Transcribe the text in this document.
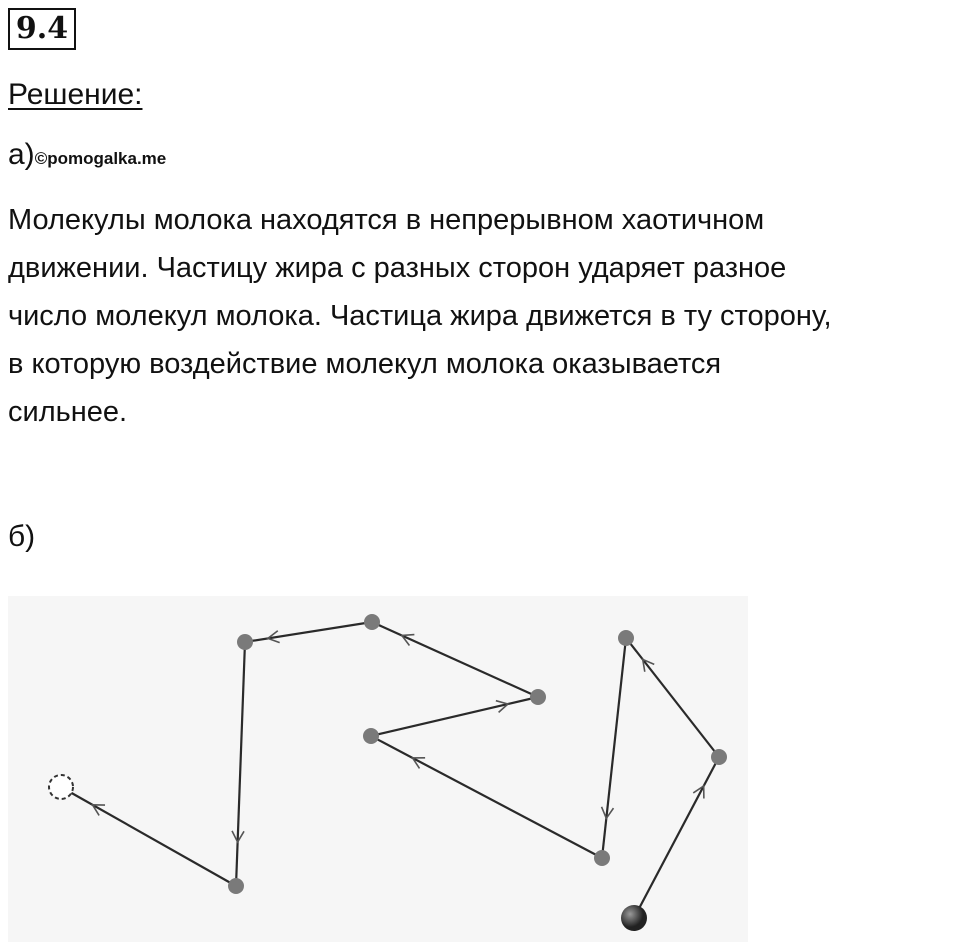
9.4
Решение:
а)©pomogalka.me
Молекулы молока находятся в непрерывном хаотичном
движении. Частицу жира с разных сторон ударяет разное
число молекул молока. Частица жира движется в ту сторону,
в которую воздействие молекул молока оказывается
сильнее.
б)
